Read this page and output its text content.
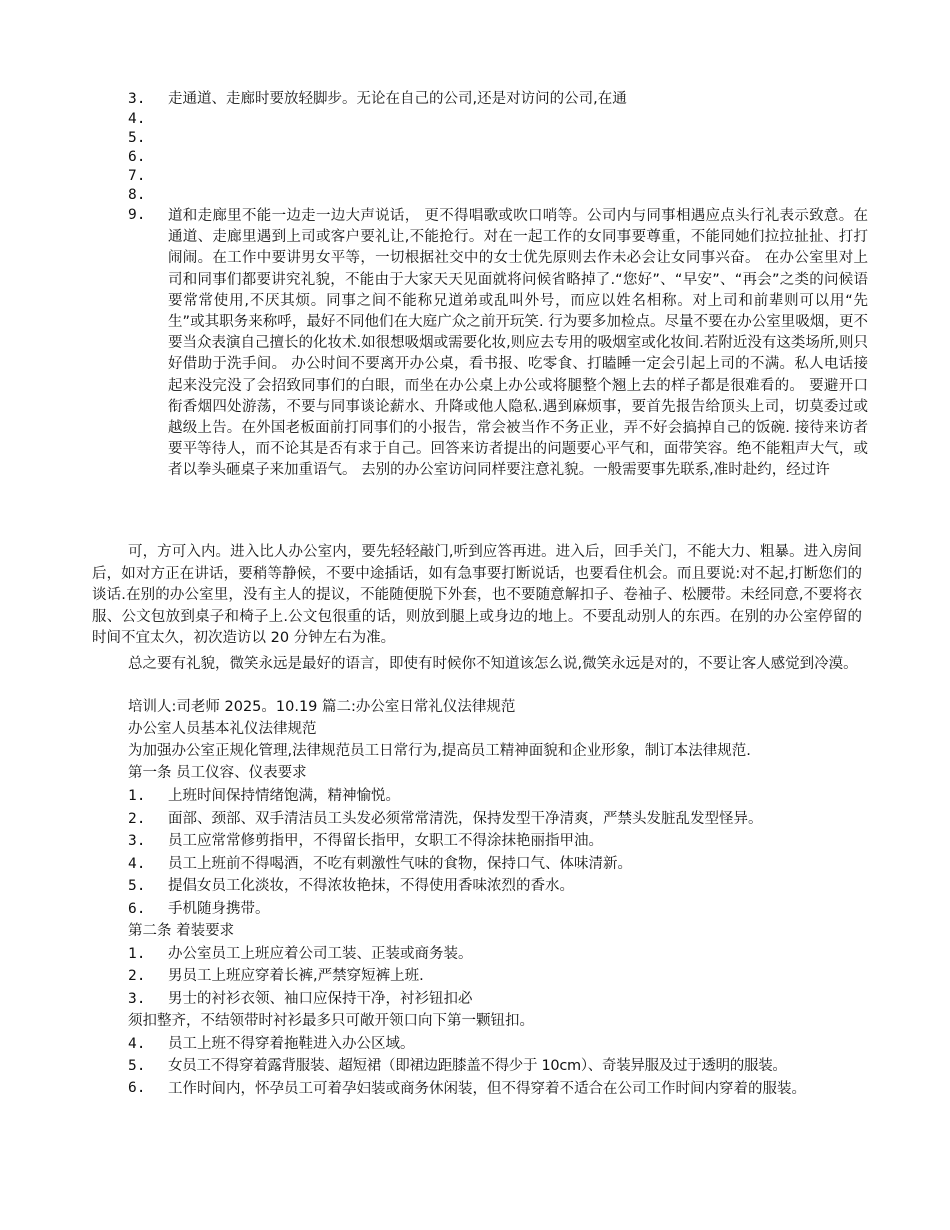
3.	走通道、走廊时要放轻脚步。无论在自己的公司,还是对访问的公司,在通
4.
5.
6.
7.
8.
9.	道和走廊里不能一边走一边大声说话， 更不得唱歌或吹口哨等。公司内与同事相遇应点头行礼表示致意。在通道、走廊里遇到上司或客户要礼让,不能抢行。对在一起工作的女同事要尊重，不能同她们拉拉扯扯、打打闹闹。在工作中要讲男女平等，一切根据社交中的女士优先原则去作未必会让女同事兴奋。 在办公室里对上司和同事们都要讲究礼貌，不能由于大家天天见面就将问候省略掉了.“您好”、“早安”、“再会”之类的问候语要常常使用,不厌其烦。同事之间不能称兄道弟或乱叫外号，而应以姓名相称。对上司和前辈则可以用“先生”或其职务来称呼，最好不同他们在大庭广众之前开玩笑. 行为要多加检点。尽量不要在办公室里吸烟，更不要当众表演自己擅长的化妆术.如很想吸烟或需要化妆,则应去专用的吸烟室或化妆间.若附近没有这类场所,则只好借助于洗手间。 办公时间不要离开办公桌，看书报、吃零食、打瞌睡一定会引起上司的不满。私人电话接起来没完没了会招致同事们的白眼，而坐在办公桌上办公或将腿整个翘上去的样子都是很难看的。 要避开口衔香烟四处游荡，不要与同事谈论薪水、升降或他人隐私.遇到麻烦事，要首先报告给顶头上司，切莫委过或越级上告。在外国老板面前打同事们的小报告，常会被当作不务正业，弄不好会搞掉自己的饭碗. 接待来访者要平等待人，而不论其是否有求于自己。回答来访者提出的问题要心平气和，面带笑容。绝不能粗声大气，或者以拳头砸桌子来加重语气。 去别的办公室访问同样要注意礼貌。一般需要事先联系,准时赴约，经过许
可，方可入内。进入比人办公室内，要先轻轻敲门,听到应答再进。进入后，回手关门，不能大力、粗暴。进入房间后，如对方正在讲话，要稍等静候，不要中途插话，如有急事要打断说话，也要看住机会。而且要说:对不起,打断您们的谈话.在别的办公室里，没有主人的提议，不能随便脱下外套，也不要随意解扣子、卷袖子、松腰带。未经同意,不要将衣服、公文包放到桌子和椅子上.公文包很重的话，则放到腿上或身边的地上。不要乱动别人的东西。在别的办公室停留的时间不宜太久，初次造访以 20 分钟左右为准。
总之要有礼貌，微笑永远是最好的语言，即使有时候你不知道该怎么说,微笑永远是对的，不要让客人感觉到冷漠。
培训人:司老师 2025。10.19 篇二:办公室日常礼仪法律规范
办公室人员基本礼仪法律规范
为加强办公室正规化管理,法律规范员工日常行为,提高员工精神面貌和企业形象，制订本法律规范.
第一条 员工仪容、仪表要求
1.	上班时间保持情绪饱满，精神愉悦。
2.	面部、颈部、双手清洁员工头发必须常常清洗，保持发型干净清爽，严禁头发脏乱发型怪异。
3.	员工应常常修剪指甲，不得留长指甲，女职工不得涂抹艳丽指甲油。
4.	员工上班前不得喝酒，不吃有刺激性气味的食物，保持口气、体味清新。
5.	提倡女员工化淡妆，不得浓妆艳抹，不得使用香味浓烈的香水。
6.	手机随身携带。
第二条 着装要求
1.	办公室员工上班应着公司工装、正装或商务装。
2.	男员工上班应穿着长裤,严禁穿短裤上班.
3.	男士的衬衫衣领、袖口应保持干净，衬衫钮扣必
须扣整齐，不结领带时衬衫最多只可敞开领口向下第一颗钮扣。
4.	员工上班不得穿着拖鞋进入办公区域。
5.	女员工不得穿着露背服装、超短裙（即裙边距膝盖不得少于 10cm）、奇装异服及过于透明的服装。
6.	工作时间内，怀孕员工可着孕妇装或商务休闲装，但不得穿着不适合在公司工作时间内穿着的服装。
